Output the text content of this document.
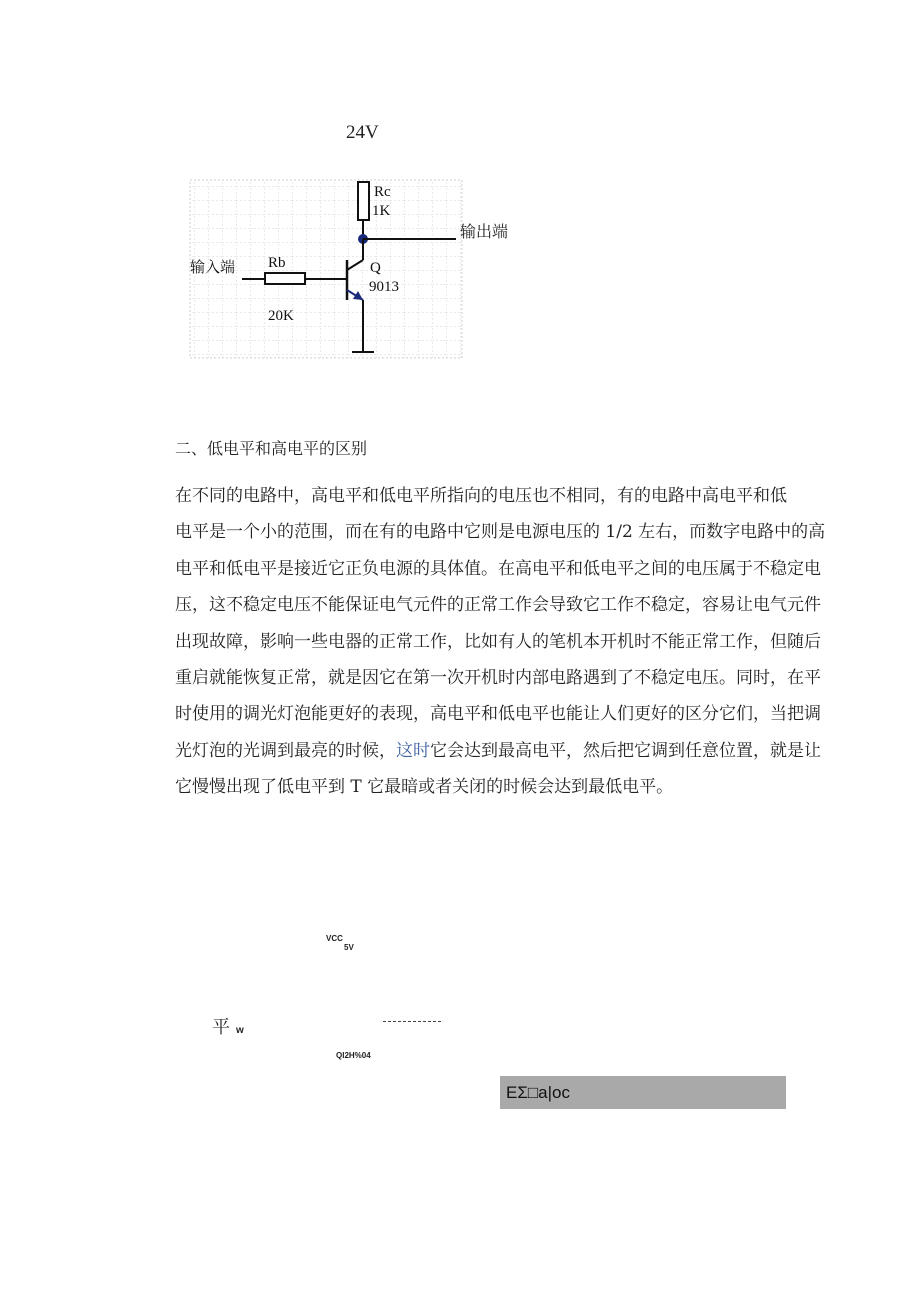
24V
Rc
1K
Q
9013
Rb
20K
输入端
输出端
二、低电平和高电平的区别
在不同的电路中，高电平和低电平所指向的电压也不相同，有的电路中高电平和低
电平是一个小的范围，而在有的电路中它则是电源电压的 1/2 左右，而数字电路中的高
电平和低电平是接近它正负电源的具体值。在高电平和低电平之间的电压属于不稳定电
压，这不稳定电压不能保证电气元件的正常工作会导致它工作不稳定，容易让电气元件
出现故障，影响一些电器的正常工作，比如有人的笔机本开机时不能正常工作，但随后
重启就能恢复正常，就是因它在第一次开机时内部电路遇到了不稳定电压。同时，在平
时使用的调光灯泡能更好的表现，高电平和低电平也能让人们更好的区分它们，当把调
光灯泡的光调到最亮的时候，这时它会达到最高电平，然后把它调到任意位置，就是让
它慢慢出现了低电平到 T 它最暗或者关闭的时候会达到最低电平。
VCC
5V
平w
QI2H%04
EΣ□a|oc
